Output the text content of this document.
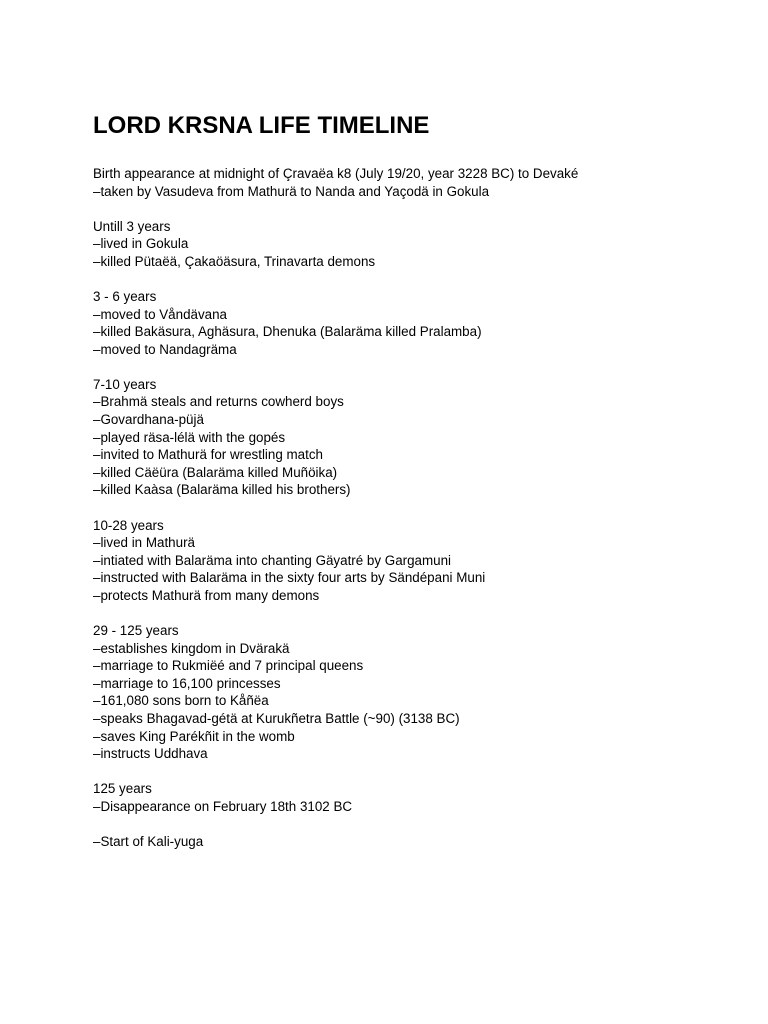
LORD KRSNA LIFE TIMELINE
Birth appearance at midnight of Çravaëa k8 (July 19/20, year 3228 BC) to Devaké
–taken by Vasudeva from Mathurä to Nanda and Yaçodä in Gokula
Untill 3 years
–lived in Gokula
–killed Pütaëä, Çakaöäsura, Trinavarta demons
3 - 6 years
–moved to Våndävana
–killed Bakäsura, Aghäsura, Dhenuka (Balaräma killed Pralamba)
–moved to Nandagräma
7-10 years
–Brahmä steals and returns cowherd boys
–Govardhana-püjä
–played räsa-lélä with the gopés
–invited to Mathurä for wrestling match
–killed Cäëüra (Balaräma killed Muñöika)
–killed Kaàsa (Balaräma killed his brothers)
10-28 years
–lived in Mathurä
–intiated with Balaräma into chanting Gäyatré by Gargamuni
–instructed with Balaräma in the sixty four arts by Sändépani Muni
–protects Mathurä from many demons
29 - 125 years
–establishes kingdom in Dvärakä
–marriage to Rukmiëé and 7 principal queens
–marriage to 16,100 princesses
–161,080 sons born to Kåñëa
–speaks Bhagavad-gétä at Kurukñetra Battle (~90) (3138 BC)
–saves King Parékñit in the womb
–instructs Uddhava
125 years
–Disappearance on February 18th 3102 BC
–Start of Kali-yuga
